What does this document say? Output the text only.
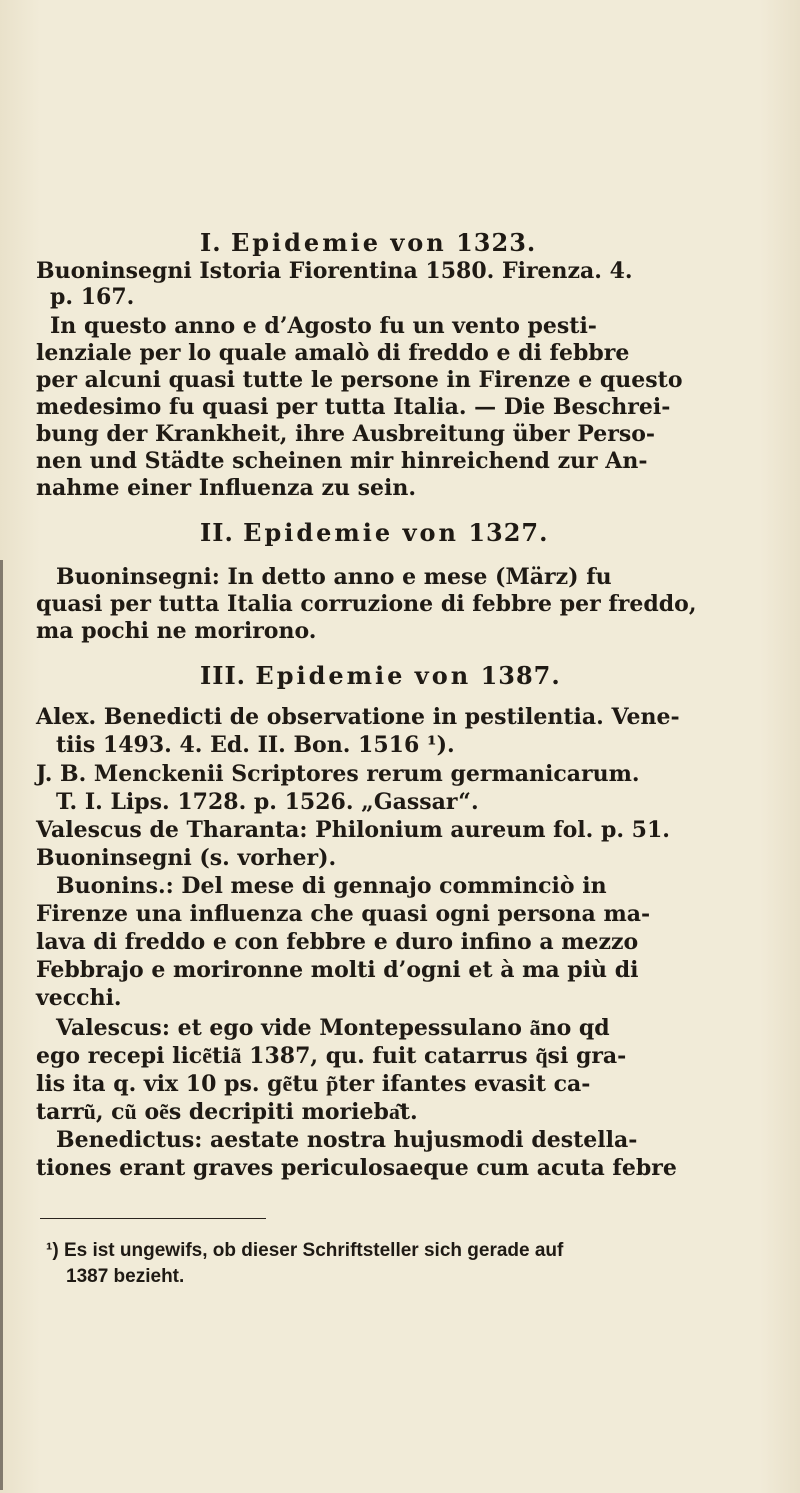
I. Epidemie von 1323.
Buoninsegni Istoria Fiorentina 1580. Firenza. 4.
p. 167.
In questo anno e d’Agosto fu un vento pesti-
lenziale per lo quale amalò di freddo e di febbre
per alcuni quasi tutte le persone in Firenze e questo
medesimo fu quasi per tutta Italia. — Die Beschrei-
bung der Krankheit, ihre Ausbreitung über Perso-
nen und Städte scheinen mir hinreichend zur An-
nahme einer Influenza zu sein.
II. Epidemie von 1327.
Buoninsegni: In detto anno e mese (März) fu
quasi per tutta Italia corruzione di febbre per freddo,
ma pochi ne morirono.
III. Epidemie von 1387.
Alex. Benedicti de observatione in pestilentia. Vene-
tiis 1493. 4. Ed. II. Bon. 1516 ¹).
J. B. Menckenii Scriptores rerum germanicarum.
T. I. Lips. 1728. p. 1526. „Gassar“.
Valescus de Tharanta: Philonium aureum fol. p. 51.
Buoninsegni (s. vorher).
Buonins.: Del mese di gennajo comminciò in
Firenze una influenza che quasi ogni persona ma-
lava di freddo e con febbre e duro infino a mezzo
Febbrajo e morironne molti d’ogni et à ma più di
vecchi.
Valescus: et ego vide Montepessulano a͂no qd
ego recepi lice͂tia͂ 1387, qu. fuit catarrus q͂si gra-
lis ita q. vix 10 ps. ge͂tu p͂ter ifantes evasit ca-
tarru͂, cu͂ oe͂s decripiti moriebа͂t.
Benedictus: aestate nostra hujusmodi destella-
tiones erant graves periculosaeque cum acuta febre
¹) Es ist ungewifs, ob dieser Schriftsteller sich gerade auf
1387 bezieht.
